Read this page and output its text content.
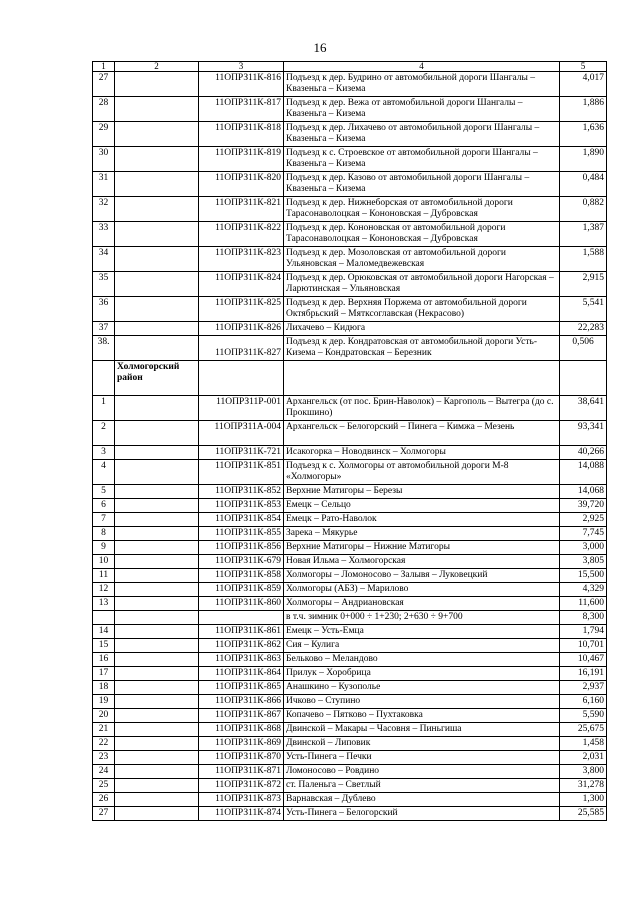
16
1	2	3	4	5
27		11ОПРЗ11К-816	Подъезд к дер. Будрино от автомобильной дороги Шангалы – Квазеньга – Кизема	4,017
28		11ОПРЗ11К-817	Подъезд к дер. Вежа от автомобильной дороги Шангалы – Квазеньга – Кизема	1,886
29		11ОПРЗ11К-818	Подъезд к дер. Лихачево от автомобильной дороги Шангалы – Квазеньга – Кизема	1,636
30		11ОПРЗ11К-819	Подъезд к с. Строевское от автомобильной дороги Шангалы – Квазеньга – Кизема	1,890
31		11ОПРЗ11К-820	Подъезд к дер. Казово от автомобильной дороги Шангалы – Квазеньга – Кизема	0,484
32		11ОПРЗ11К-821	Подъезд к дер. Нижнеборская от автомобильной дороги Тарасонаволоцкая – Кононовская – Дубровская	0,882
33		11ОПРЗ11К-822	Подъезд к дер. Кононовская от автомобильной дороги Тарасонаволоцкая – Кононовская – Дубровская	1,387
34		11ОПРЗ11К-823	Подъезд к дер. Мозоловская от автомобильной дороги Ульяновская – Маломедвежевская	1,588
35		11ОПРЗ11К-824	Подъезд к дер. Орюковская от автомобильной дороги Нагорская – Ларютинская – Ульяновская	2,915
36		11ОПРЗ11К-825	Подъезд к дер. Верхняя Поржема от автомобильной дороги Октябрьский – Мятксоглавская (Некрасово)	5,541
37		11ОПРЗ11К-826	Лихачево – Кидюга	22,283
38.		11ОПРЗ11К-827	Подъезд к дер. Кондратовская от автомобильной дороги Усть-Кизема – Кондратовская – Березник	0,506
	Холмогорский район			
1		11ОПРЗ11Р-001	Архангельск (от пос. Брин-Наволок) – Каргополь – Вытегра (до с. Прокшино)	38,641
2		11ОПРЗ11А-004	Архангельск – Белогорский – Пинега – Кимжа – Мезень	93,341
3		11ОПРЗ11К-721	Исакогорка – Новодвинск – Холмогоры	40,266
4		11ОПРЗ11К-851	Подъезд к с. Холмогоры от автомобильной дороги М-8 «Холмогоры»	14,088
5		11ОПРЗ11К-852	Верхние Матигоры – Березы	14,068
6		11ОПРЗ11К-853	Емецк – Сельцо	39,720
7		11ОПРЗ11К-854	Емецк – Рато-Наволок	2,925
8		11ОПРЗ11К-855	Зарека – Мякурье	7,745
9		11ОПРЗ11К-856	Верхние Матигоры – Нижние Матигоры	3,000
10		11ОПРЗ11К-679	Новая Ильма – Холмогорская	3,805
11		11ОПРЗ11К-858	Холмогоры – Ломоносово – Залывя – Луковецкий	15,500
12		11ОПРЗ11К-859	Холмогоры (АБЗ) – Марилово	4,329
13		11ОПРЗ11К-860	Холмогоры – Андриановская	11,600
			в т.ч. зимник 0+000 ÷ 1+230; 2+630 ÷ 9+700	8,300
14		11ОПРЗ11К-861	Емецк – Усть-Емца	1,794
15		11ОПРЗ11К-862	Сия – Кулига	10,701
16		11ОПРЗ11К-863	Бельково – Меландово	10,467
17		11ОПРЗ11К-864	Прилук – Хоробрица	16,191
18		11ОПРЗ11К-865	Анашкино – Кузополье	2,937
19		11ОПРЗ11К-866	Ичково – Ступино	6,160
20		11ОПРЗ11К-867	Копачево – Пятково – Пухтаковка	5,590
21		11ОПРЗ11К-868	Двинской – Макары – Часовня – Пиньгиша	25,675
22		11ОПРЗ11К-869	Двинской – Липовик	1,458
23		11ОПРЗ11К-870	Усть-Пинега – Печки	2,031
24		11ОПРЗ11К-871	Ломоносово – Ровдино	3,800
25		11ОПРЗ11К-872	ст. Паленьга – Светлый	31,278
26		11ОПРЗ11К-873	Варнавская – Дублево	1,300
27		11ОПРЗ11К-874	Усть-Пинега – Белогорский	25,585
